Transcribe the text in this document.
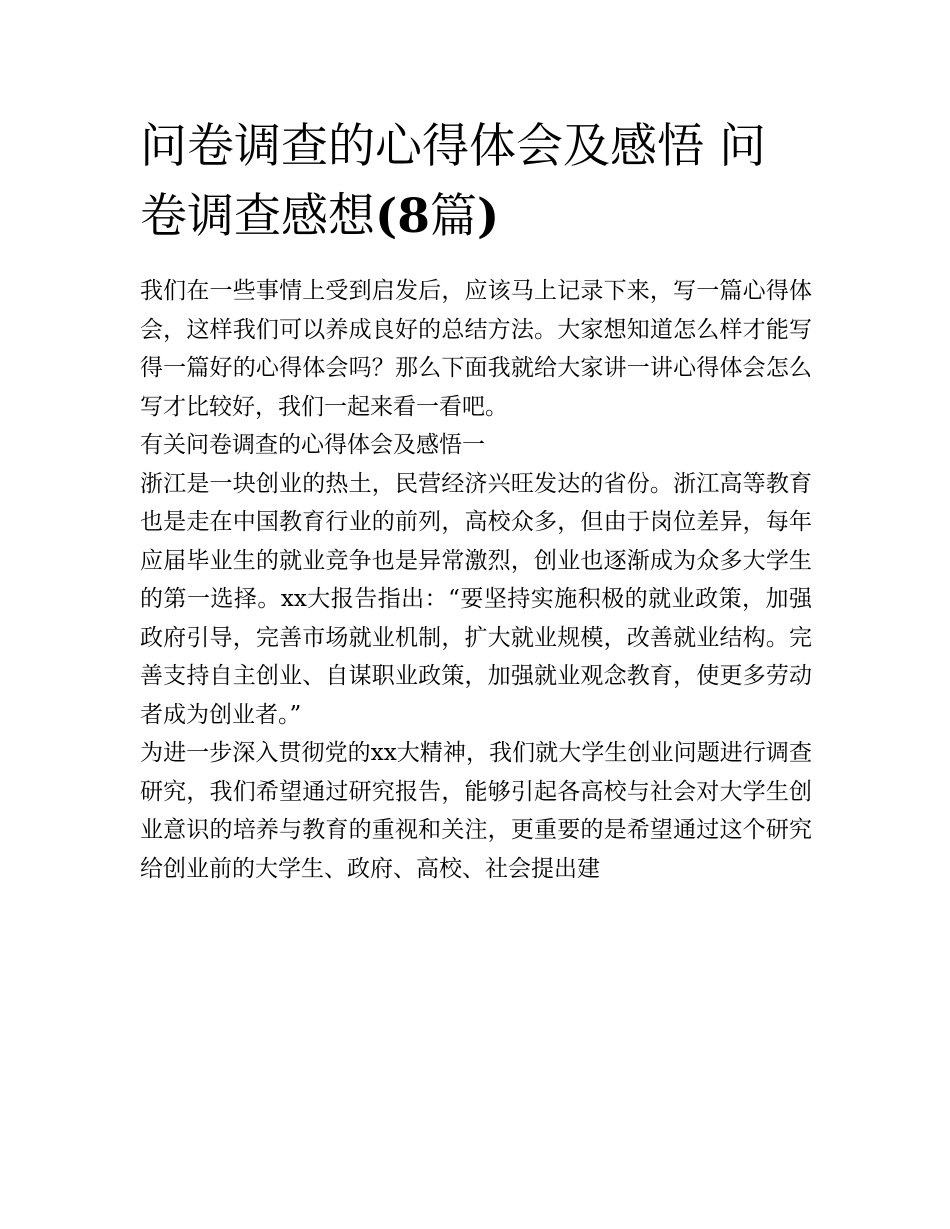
问卷调查的心得体会及感悟 问
卷调查感想(8篇)

我们在一些事情上受到启发后，应该马上记录下来，写一篇心得体会，这样我们可以养成良好的总结方法。大家想知道怎么样才能写得一篇好的心得体会吗？那么下面我就给大家讲一讲心得体会怎么写才比较好，我们一起来看一看吧。

有关问卷调查的心得体会及感悟一

浙江是一块创业的热土，民营经济兴旺发达的省份。浙江高等教育也是走在中国教育行业的前列，高校众多，但由于岗位差异，每年应届毕业生的就业竞争也是异常激烈，创业也逐渐成为众多大学生的第一选择。xx大报告指出：“要坚持实施积极的就业政策，加强政府引导，完善市场就业机制，扩大就业规模，改善就业结构。完善支持自主创业、自谋职业政策，加强就业观念教育，使更多劳动者成为创业者。”

为进一步深入贯彻党的xx大精神，我们就大学生创业问题进行调查研究，我们希望通过研究报告，能够引起各高校与社会对大学生创业意识的培养与教育的重视和关注，更重要的是希望通过这个研究给创业前的大学生、政府、高校、社会提出建
